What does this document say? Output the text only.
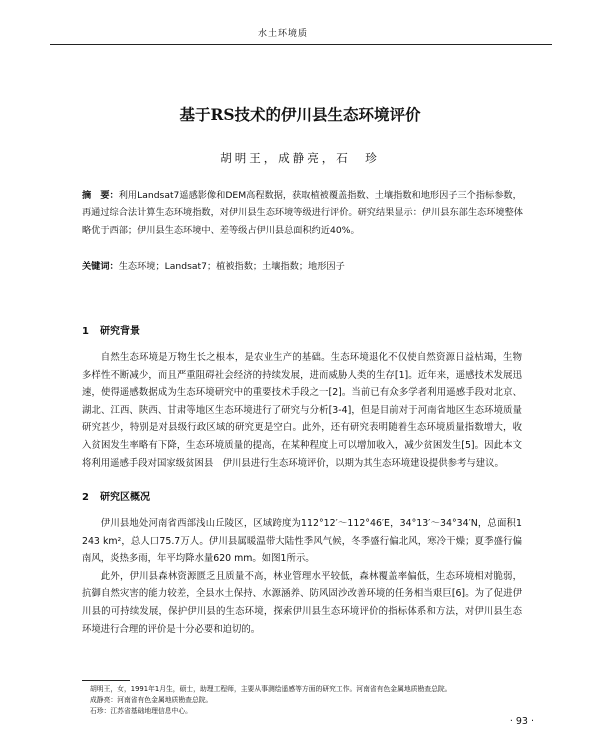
水土环境质
基于RS技术的伊川县生态环境评价
胡明王，成静亮，石　珍
摘　要：利用Landsat7遥感影像和DEM高程数据，获取植被覆盖指数、土壤指数和地形因子三个指标参数，再通过综合法计算生态环境指数，对伊川县生态环境等级进行评价。研究结果显示：伊川县东部生态环境整体略优于西部；伊川县生态环境中、差等级占伊川县总面积约近40%。
关键词：生态环境；Landsat7；植被指数；土壤指数；地形因子
1 研究背景

自然生态环境是万物生长之根本，是农业生产的基础。生态环境退化不仅使自然资源日益枯竭，生物多样性不断减少，而且严重阻碍社会经济的持续发展，进而威胁人类的生存[1]。近年来，遥感技术发展迅速，使得遥感数据成为生态环境研究中的重要技术手段之一[2]。当前已有众多学者利用遥感手段对北京、湖北、江西、陕西、甘肃等地区生态环境进行了研究与分析[3-4]，但是目前对于河南省地区生态环境质量研究甚少，特别是对县级行政区域的研究更是空白。此外，还有研究表明随着生态环境质量指数增大，收入贫困发生率略有下降，生态环境质量的提高，在某种程度上可以增加收入，减少贫困发生[5]。因此本文将利用遥感手段对国家级贫困县　伊川县进行生态环境评价，以期为其生态环境建设提供参考与建议。

2 研究区概况

伊川县地处河南省西部浅山丘陵区，区域跨度为112°12′～112°46′E，34°13′～34°34′N，总面积1 243 km²，总人口75.7万人。伊川县属暖温带大陆性季风气候，冬季盛行偏北风，寒冷干燥；夏季盛行偏南风，炎热多雨，年平均降水量620 mm。如图1所示。

此外，伊川县森林资源匮乏且质量不高，林业管理水平较低，森林覆盖率偏低，生态环境相对脆弱，抗御自然灾害的能力较差，全县水土保持、水源涵养、防风固沙改善环境的任务相当艰巨[6]。为了促进伊川县的可持续发展，保护伊川县的生态环境，探索伊川县生态环境评价的指标体系和方法，对伊川县生态环境进行合理的评价是十分必要和迫切的。

胡明王，女，1991年1月生，硕士，助理工程师，主要从事测绘遥感等方面的研究工作。河南省有色金属地质勘查总院。
成静亮：河南省有色金属地质勘查总院。
石珍：江苏省基础地理信息中心。
· 93 ·
